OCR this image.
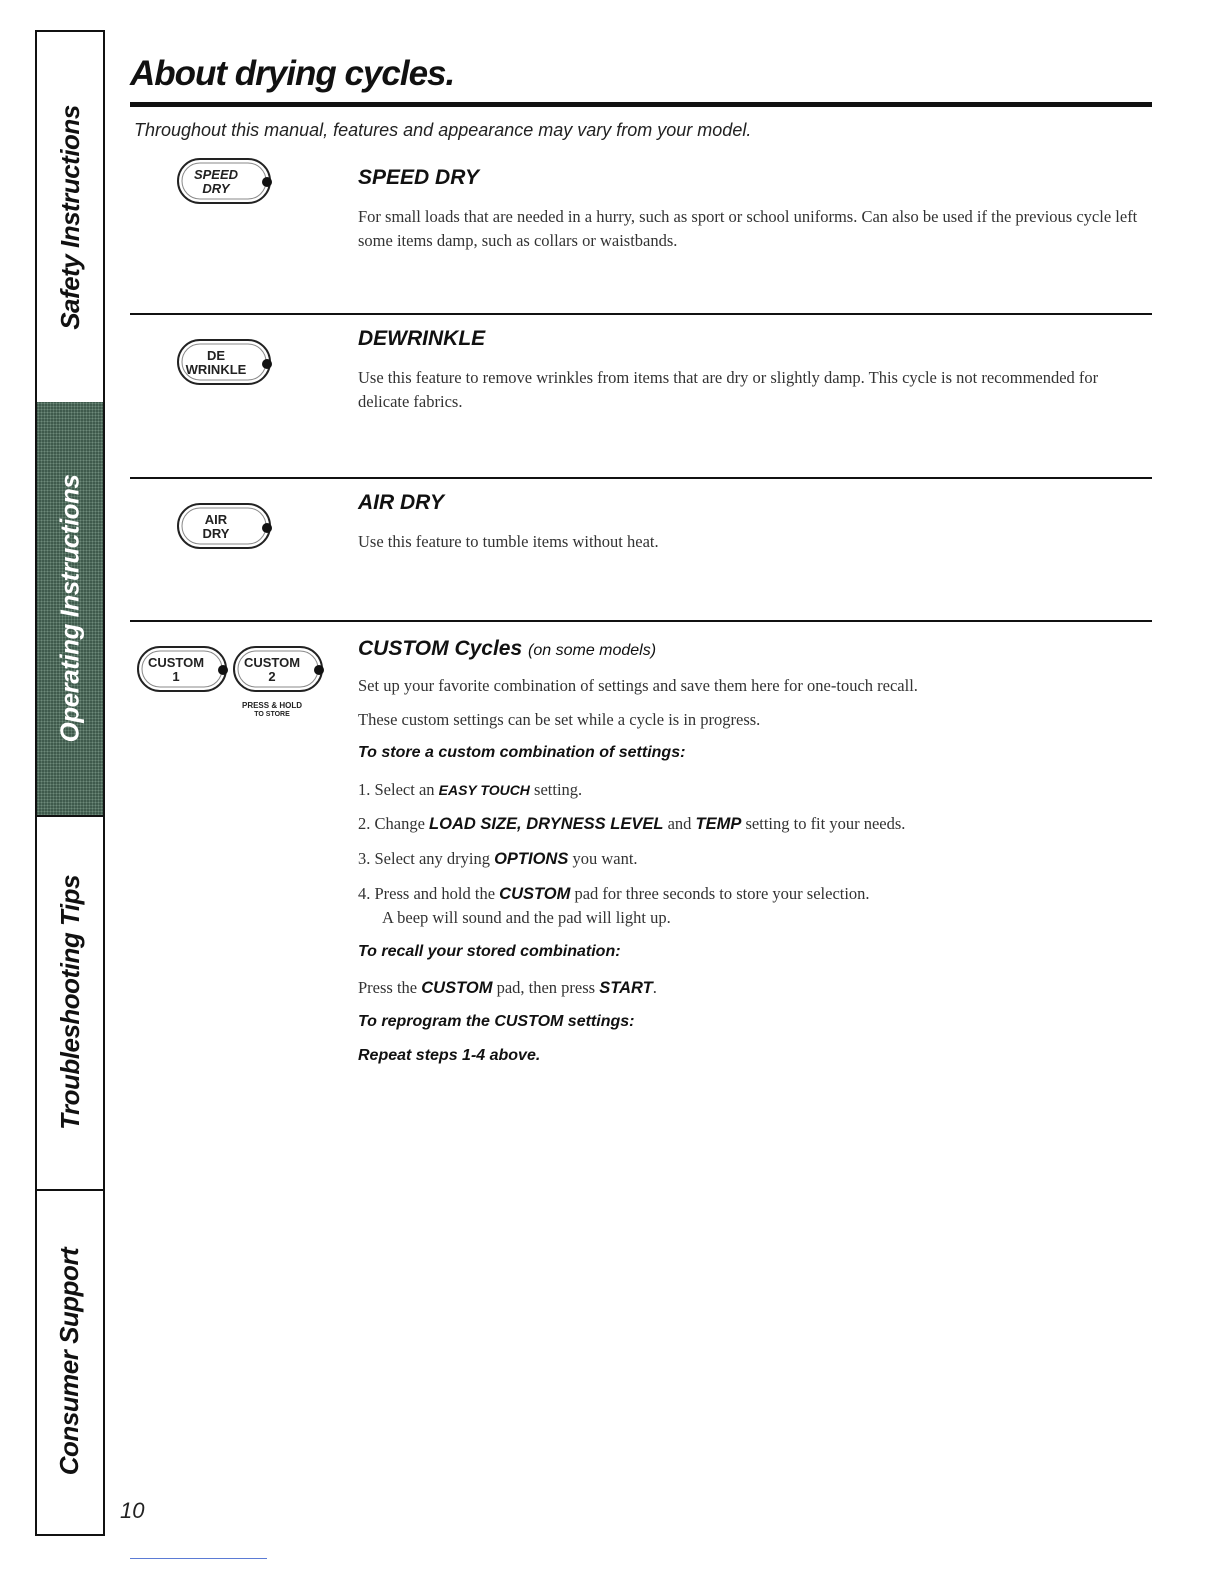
Safety Instructions
Operating Instructions
Troubleshooting Tips
Consumer Support
About drying cycles.
Throughout this manual, features and appearance may vary from your model.
SPEED
DRY	SPEED DRY
For small loads that are needed in a hurry, such as sport or school uniforms. Can also be used if the previous cycle left some items damp, such as collars or waistbands.
DE
WRINKLE
DEWRINKLE
Use this feature to remove wrinkles from items that are dry or slightly damp. This cycle is not recommended for delicate fabrics.
AIR
DRY
AIR DRY
Use this feature to tumble items without heat.
CUSTOM
1
CUSTOM
2
PRESS & HOLD
TO STORE
CUSTOM Cycles (on some models)
Set up your favorite combination of settings and save them here for one-touch recall.
These custom settings can be set while a cycle is in progress.
To store a custom combination of settings:
1. Select an EASY TOUCH setting.
2. Change LOAD SIZE, DRYNESS LEVEL and TEMP setting to fit your needs.
3. Select any drying OPTIONS you want.
4. Press and hold the CUSTOM pad for three seconds to store your selection.
A beep will sound and the pad will light up.
To recall your stored combination:
Press the CUSTOM pad, then press START.
To reprogram the CUSTOM settings:
Repeat steps 1-4 above.
10
